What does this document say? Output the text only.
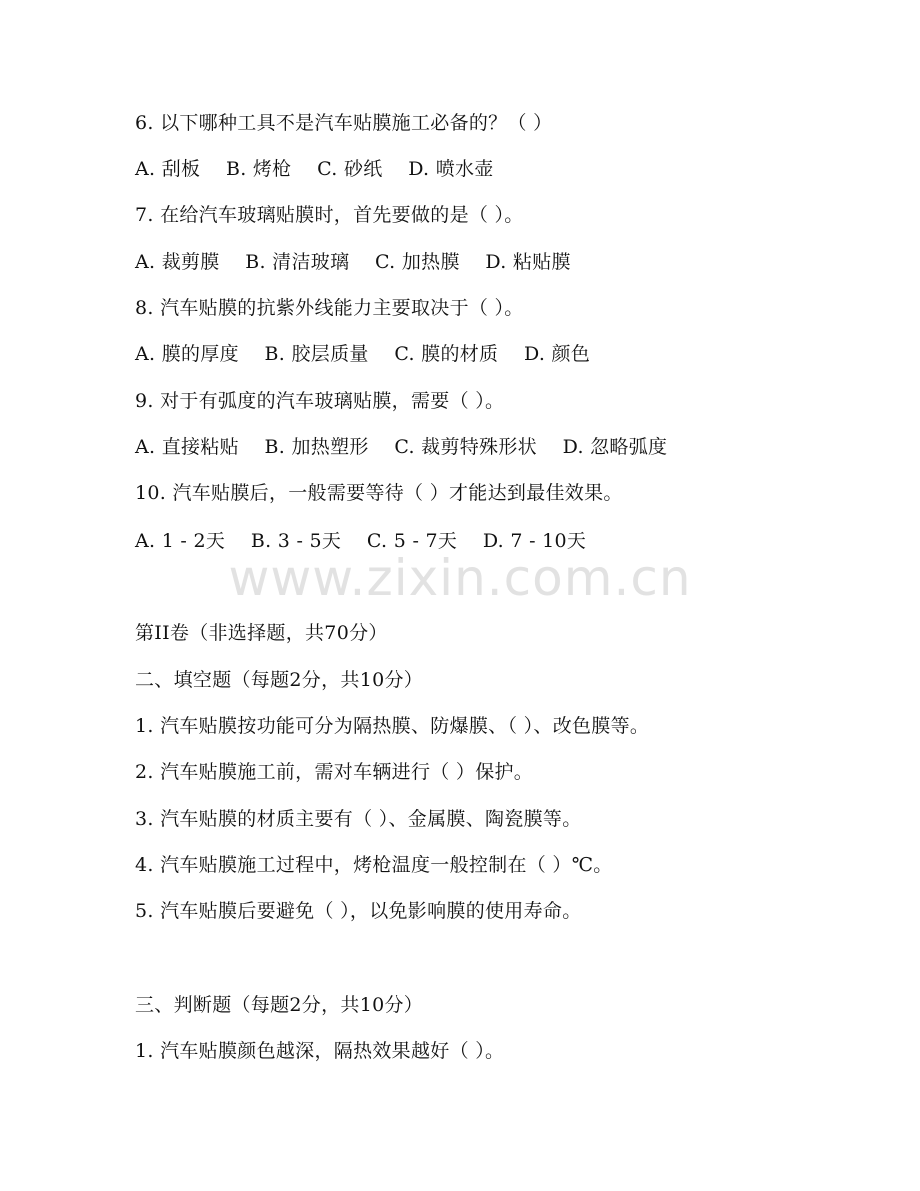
6. 以下哪种工具不是汽车贴膜施工必备的？（ ）
A. 刮板　 B. 烤枪　 C. 砂纸　 D. 喷水壶
7. 在给汽车玻璃贴膜时，首先要做的是（ ）。
A. 裁剪膜　 B. 清洁玻璃　 C. 加热膜　 D. 粘贴膜
8. 汽车贴膜的抗紫外线能力主要取决于（ ）。
A. 膜的厚度　 B. 胶层质量　 C. 膜的材质　 D. 颜色
9. 对于有弧度的汽车玻璃贴膜，需要（ ）。
A. 直接粘贴　 B. 加热塑形　 C. 裁剪特殊形状　 D. 忽略弧度
10. 汽车贴膜后，一般需要等待（ ）才能达到最佳效果。
A. 1 - 2天　 B. 3 - 5天　 C. 5 - 7天　 D. 7 - 10天
www.zixin.com.cn
第II卷（非选择题，共70分）
二、填空题（每题2分，共10分）
1. 汽车贴膜按功能可分为隔热膜、防爆膜、（ ）、改色膜等。
2. 汽车贴膜施工前，需对车辆进行（ ）保护。
3. 汽车贴膜的材质主要有（ ）、金属膜、陶瓷膜等。
4. 汽车贴膜施工过程中，烤枪温度一般控制在（ ）℃。
5. 汽车贴膜后要避免（ ），以免影响膜的使用寿命。
三、判断题（每题2分，共10分）
1. 汽车贴膜颜色越深，隔热效果越好（ ）。
